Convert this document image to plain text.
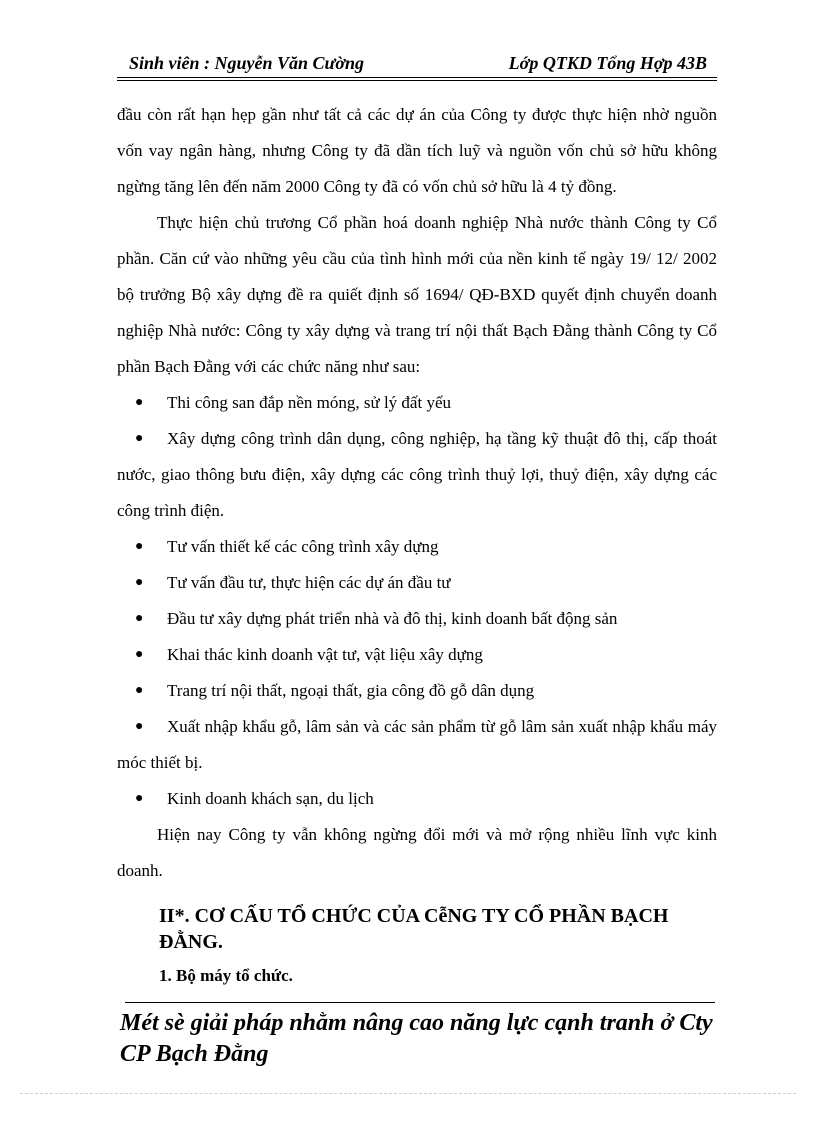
Sinh viên : Nguyễn Văn Cường	Lớp QTKD Tổng Hợp 43B

đầu còn rất hạn hẹp gần như tất cả các dự án của Công ty được thực hiện nhờ nguồn vốn vay ngân hàng, nhưng Công ty đã dần tích luỹ và nguồn vốn chủ sở hữu không ngừng tăng lên đến năm 2000 Công ty đã có vốn chủ sở hữu là 4 tỷ đồng.

Thực hiện chủ trương Cổ phần hoá doanh nghiệp Nhà nước thành Công ty Cổ phần. Căn cứ vào những yêu cầu của tình hình mới của nền kinh tế ngày 19/ 12/ 2002 bộ trưởng Bộ xây dựng đề ra quiết định số 1694/ QĐ-BXD quyết định chuyển doanh nghiệp Nhà nước: Công ty xây dựng và trang trí nội thất Bạch Đằng thành Công ty Cổ phần Bạch Đằng với các chức năng như sau:

● Thi công san đắp nền móng, sử lý đất yếu

● Xây dựng công trình dân dụng, công nghiệp, hạ tầng kỹ thuật đô thị, cấp thoát nước, giao thông bưu điện, xây dựng các công trình thuỷ lợi, thuỷ điện, xây dựng các công trình điện.

● Tư vấn thiết kế các công trình xây dựng

● Tư vấn đầu tư, thực hiện các dự án đầu tư

● Đầu tư xây dựng phát triển nhà và đô thị, kinh doanh bất động sản

● Khai thác kinh doanh vật tư, vật liệu xây dựng

● Trang trí nội thất, ngoại thất, gia công đồ gỗ dân dụng

● Xuất nhập khẩu gỗ, lâm sản và các sản phẩm từ gỗ lâm sản xuất nhập khẩu máy móc thiết bị.

● Kinh doanh khách sạn, du lịch

Hiện nay Công ty vẫn không ngừng đổi mới và mở rộng nhiều lĩnh vực kinh doanh.

II*. CƠ CẤU TỔ CHỨC CỦA CễNG TY CỔ PHẦN BẠCH ĐẰNG.
1. Bộ máy tổ chức.
Mét sè giải pháp nhằm nâng cao năng lực cạnh tranh ở Cty CP Bạch Đằng
